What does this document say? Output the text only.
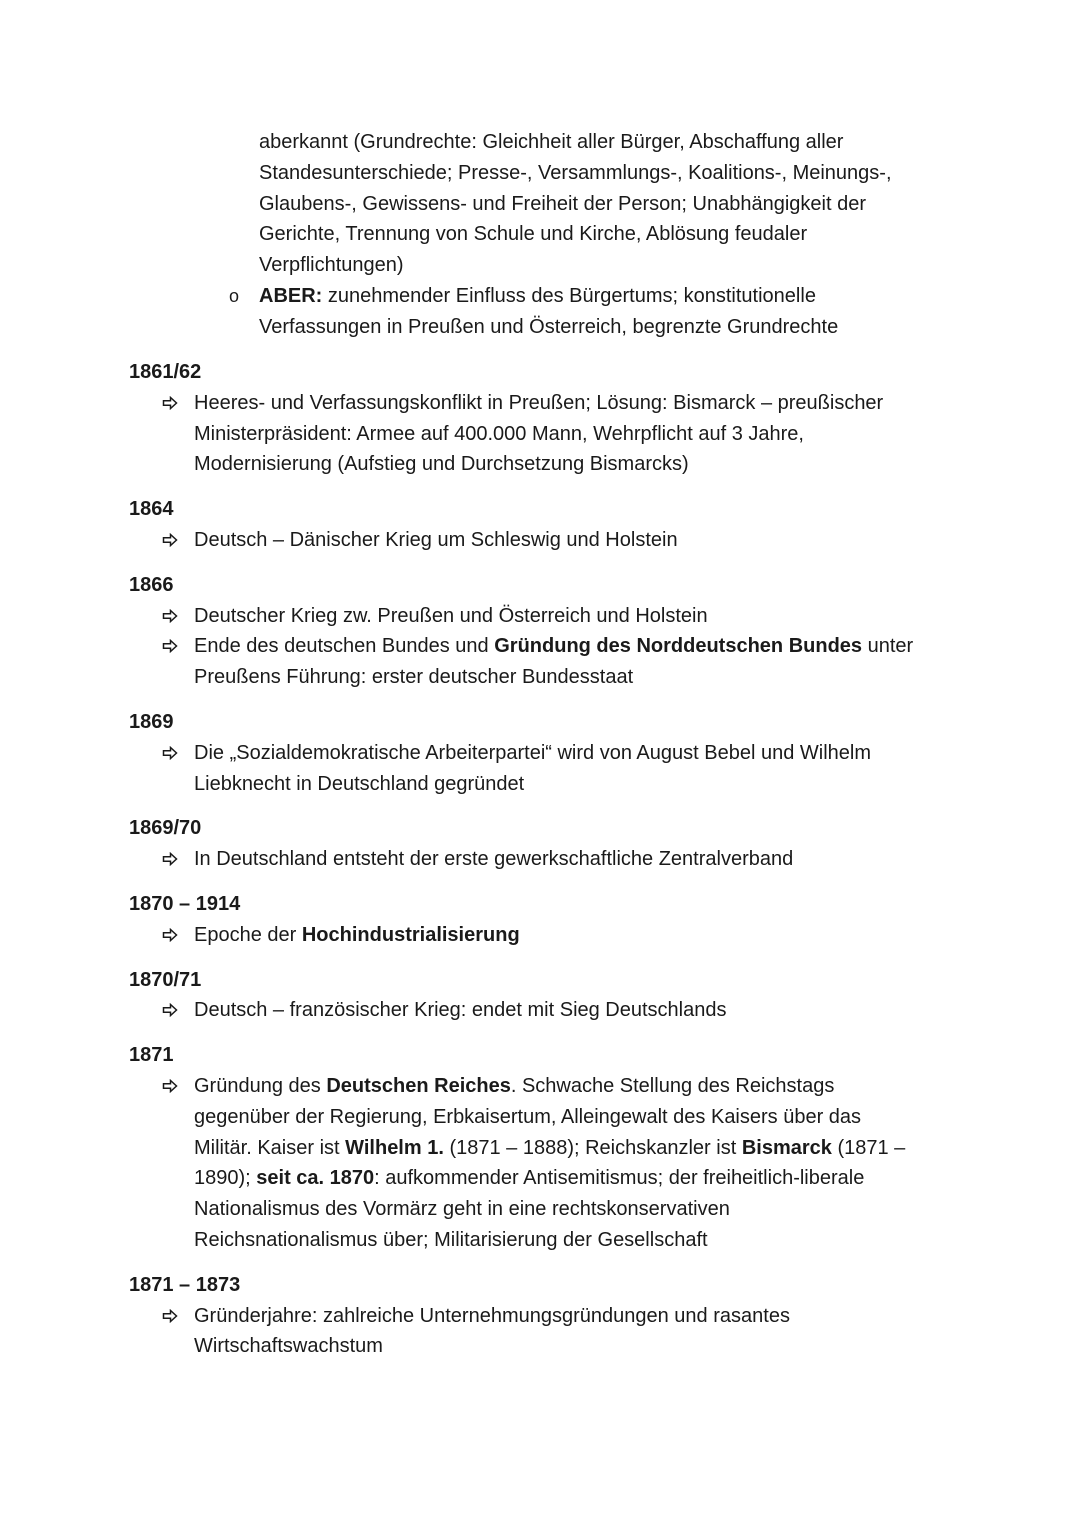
aberkannt (Grundrechte: Gleichheit aller Bürger, Abschaffung aller
Standesunterschiede; Presse-, Versammlungs-, Koalitions-, Meinungs-,
Glaubens-, Gewissens- und Freiheit der Person; Unabhängigkeit der
Gerichte, Trennung von Schule und Kirche, Ablösung feudaler
Verpflichtungen)
o ABER: zunehmender Einfluss des Bürgertums; konstitutionelle
Verfassungen in Preußen und Österreich, begrenzte Grundrechte
1861/62
Heeres- und Verfassungskonflikt in Preußen; Lösung: Bismarck – preußischer
Ministerpräsident: Armee auf 400.000 Mann, Wehrpflicht auf 3 Jahre,
Modernisierung (Aufstieg und Durchsetzung Bismarcks)
1864
Deutsch – Dänischer Krieg um Schleswig und Holstein
1866
Deutscher Krieg zw. Preußen und Österreich und Holstein
Ende des deutschen Bundes und Gründung des Norddeutschen Bundes unter
Preußens Führung: erster deutscher Bundesstaat
1869
Die „Sozialdemokratische Arbeiterpartei“ wird von August Bebel und Wilhelm
Liebknecht in Deutschland gegründet
1869/70
In Deutschland entsteht der erste gewerkschaftliche Zentralverband
1870 – 1914
Epoche der Hochindustrialisierung
1870/71
Deutsch – französischer Krieg: endet mit Sieg Deutschlands
1871
Gründung des Deutschen Reiches. Schwache Stellung des Reichstags
gegenüber der Regierung, Erbkaisertum, Alleingewalt des Kaisers über das
Militär. Kaiser ist Wilhelm 1. (1871 – 1888); Reichskanzler ist Bismarck (1871 –
1890); seit ca. 1870: aufkommender Antisemitismus; der freiheitlich-liberale
Nationalismus des Vormärz geht in eine rechtskonservativen
Reichsnationalismus über; Militarisierung der Gesellschaft
1871 – 1873
Gründerjahre: zahlreiche Unternehmungsgründungen und rasantes
Wirtschaftswachstum
